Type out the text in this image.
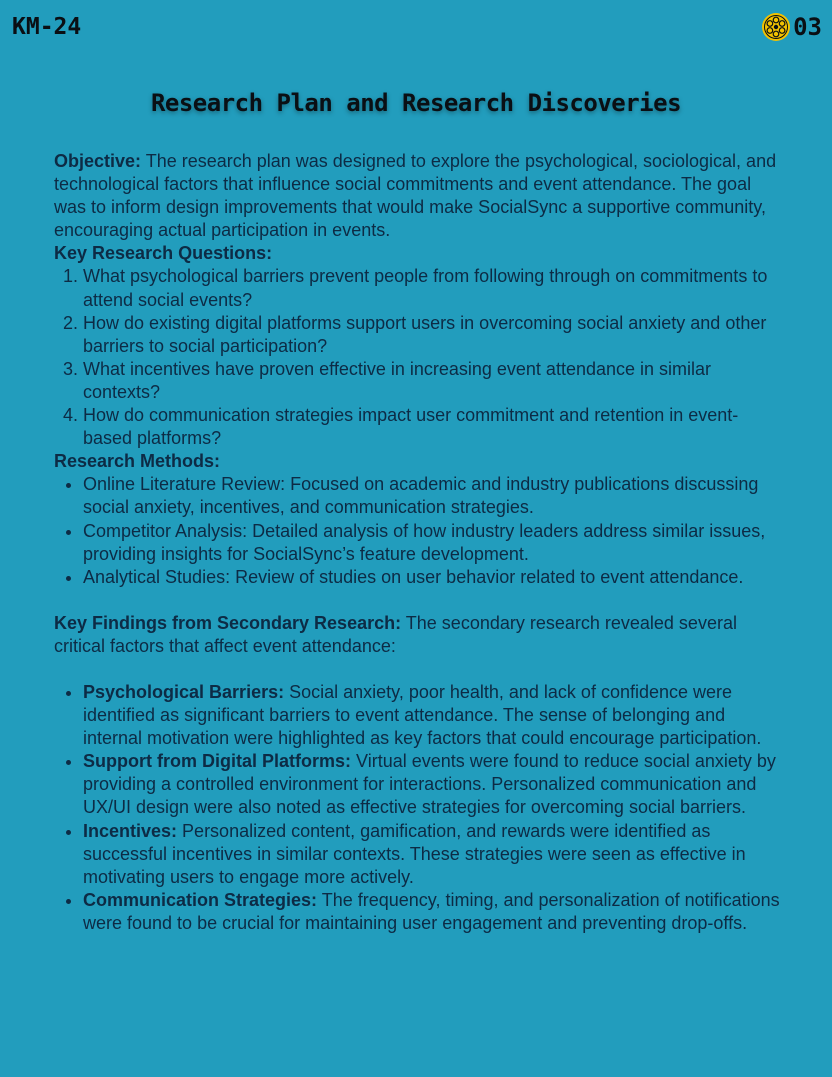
KM-24	03
Research Plan and Research Discoveries

Objective: The research plan was designed to explore the psychological, sociological, and technological factors that influence social commitments and event attendance. The goal was to inform design improvements that would make SocialSync a supportive community, encouraging actual participation in events.

Key Research Questions:

1. What psychological barriers prevent people from following through on commitments to attend social events?
2. How do existing digital platforms support users in overcoming social anxiety and other barriers to social participation?
3. What incentives have proven effective in increasing event attendance in similar contexts?
4. How do communication strategies impact user commitment and retention in event-based platforms?

Research Methods:

• Online Literature Review: Focused on academic and industry publications discussing social anxiety, incentives, and communication strategies.
• Competitor Analysis: Detailed analysis of how industry leaders address similar issues, providing insights for SocialSync’s feature development.
• Analytical Studies: Review of studies on user behavior related to event attendance.

Key Findings from Secondary Research: The secondary research revealed several critical factors that affect event attendance:

• Psychological Barriers: Social anxiety, poor health, and lack of confidence were identified as significant barriers to event attendance. The sense of belonging and internal motivation were highlighted as key factors that could encourage participation.
• Support from Digital Platforms: Virtual events were found to reduce social anxiety by providing a controlled environment for interactions. Personalized communication and UX/UI design were also noted as effective strategies for overcoming social barriers.
• Incentives: Personalized content, gamification, and rewards were identified as successful incentives in similar contexts. These strategies were seen as effective in motivating users to engage more actively.
• Communication Strategies: The frequency, timing, and personalization of notifications were found to be crucial for maintaining user engagement and preventing drop-offs.
